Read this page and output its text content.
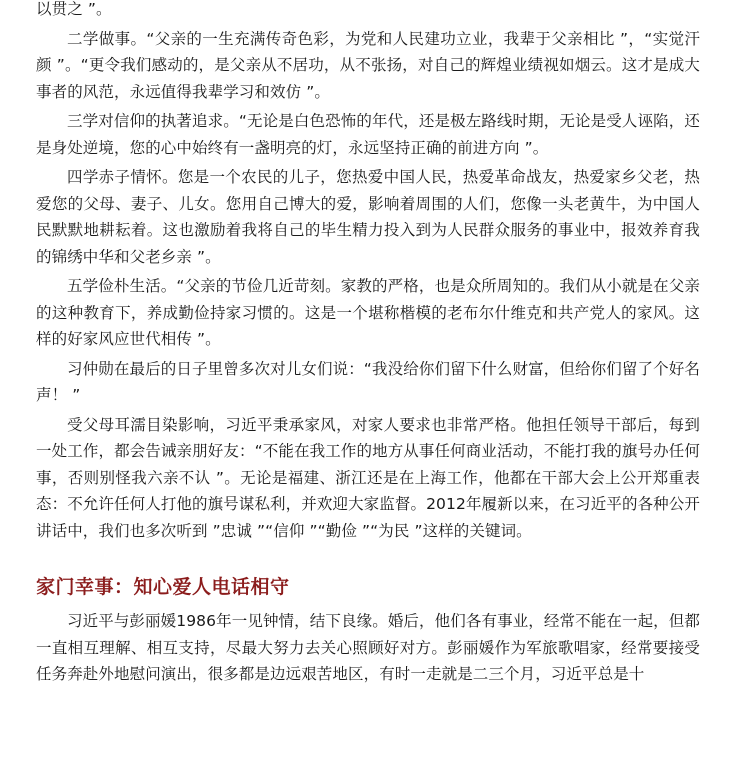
以贯之 ”。

二学做事。“父亲的一生充满传奇色彩，为党和人民建功立业，我辈于父亲相比 ”，“实觉汗颜 ”。“更令我们感动的，是父亲从不居功，从不张扬，对自己的辉煌业绩视如烟云。这才是成大事者的风范，永远值得我辈学习和效仿 ”。

三学对信仰的执著追求。“无论是白色恐怖的年代，还是极左路线时期，无论是受人诬陷，还是身处逆境，您的心中始终有一盏明亮的灯，永远坚持正确的前进方向 ”。

四学赤子情怀。您是一个农民的儿子，您热爱中国人民，热爱革命战友，热爱家乡父老，热爱您的父母、妻子、儿女。您用自己博大的爱，影响着周围的人们，您像一头老黄牛，为中国人民默默地耕耘着。这也激励着我将自己的毕生精力投入到为人民群众服务的事业中，报效养育我的锦绣中华和父老乡亲 ”。

五学俭朴生活。“父亲的节俭几近苛刻。家教的严格，也是众所周知的。我们从小就是在父亲的这种教育下，养成勤俭持家习惯的。这是一个堪称楷模的老布尔什维克和共产党人的家风。这样的好家风应世代相传 ”。

习仲勋在最后的日子里曾多次对儿女们说：“我没给你们留下什么财富，但给你们留了个好名声！ ”

受父母耳濡目染影响，习近平秉承家风，对家人要求也非常严格。他担任领导干部后，每到一处工作，都会告诫亲朋好友：“不能在我工作的地方从事任何商业活动，不能打我的旗号办任何事，否则别怪我六亲不认 ”。无论是福建、浙江还是在上海工作，他都在干部大会上公开郑重表态：不允许任何人打他的旗号谋私利，并欢迎大家监督。2012年履新以来，在习近平的各种公开讲话中，我们也多次听到 ”忠诚 ”“信仰 ”“勤俭 ”“为民 ”这样的关键词。

家门幸事：知心爱人电话相守

习近平与彭丽媛1986年一见钟情，结下良缘。婚后，他们各有事业，经常不能在一起，但都一直相互理解、相互支持，尽最大努力去关心照顾好对方。彭丽媛作为军旅歌唱家，经常要接受任务奔赴外地慰问演出，很多都是边远艰苦地区，有时一走就是二三个月，习近平总是十
